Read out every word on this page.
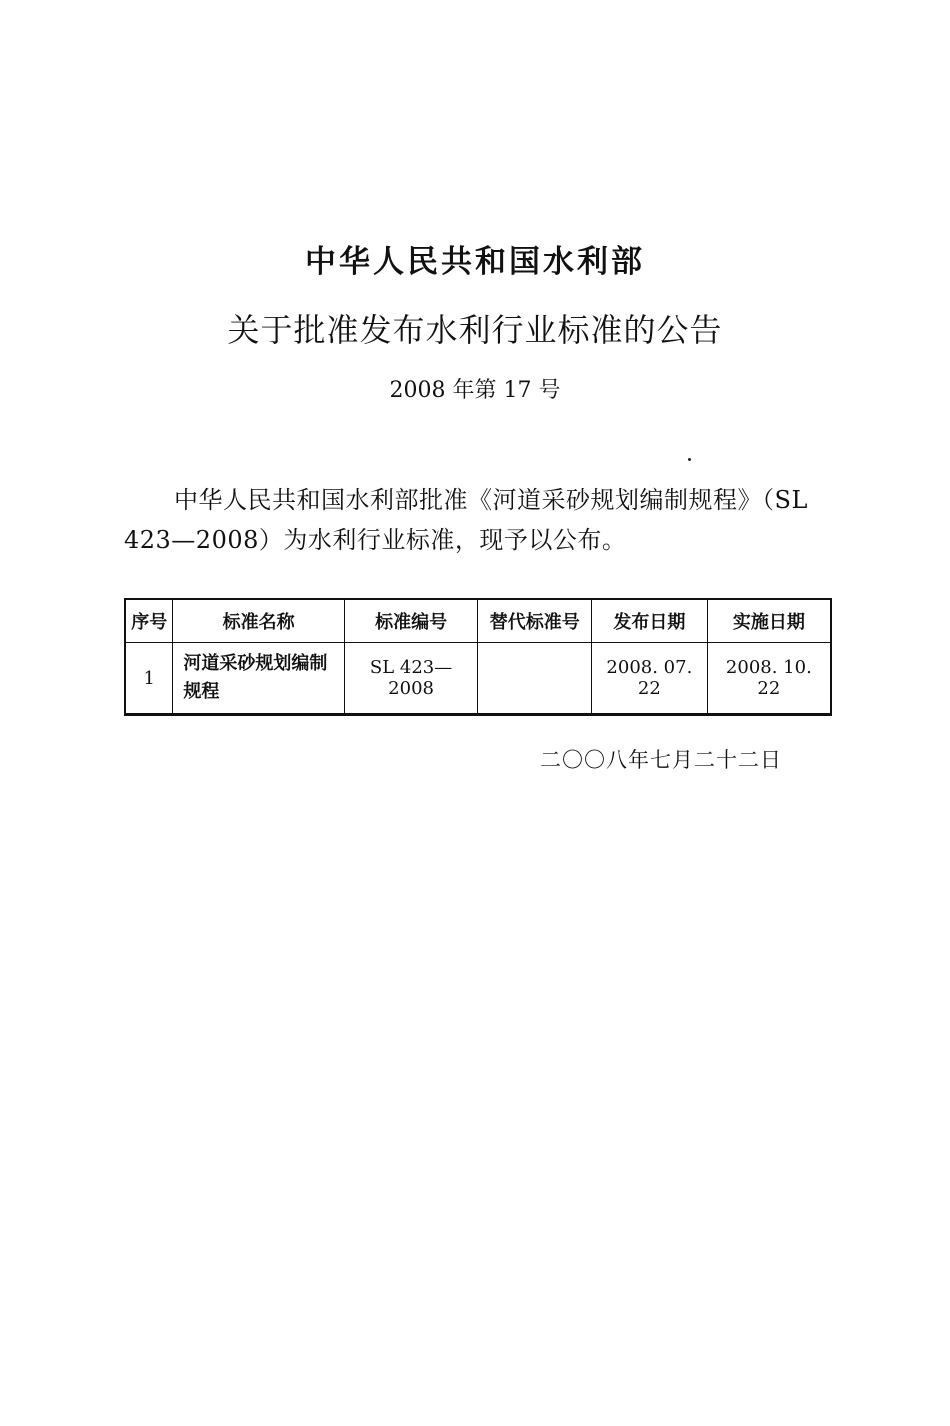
中华人民共和国水利部
关于批准发布水利行业标准的公告
2008 年第 17 号
中华人民共和国水利部批准《河道采砂规划编制规程》（SL 423—2008）为水利行业标准，现予以公布。
序号	标准名称	标准编号	替代标准号	发布日期	实施日期
1	河道采砂规划编制规程	SL 423—2008		2008. 07. 22	2008. 10. 22
二〇〇八年七月二十二日
